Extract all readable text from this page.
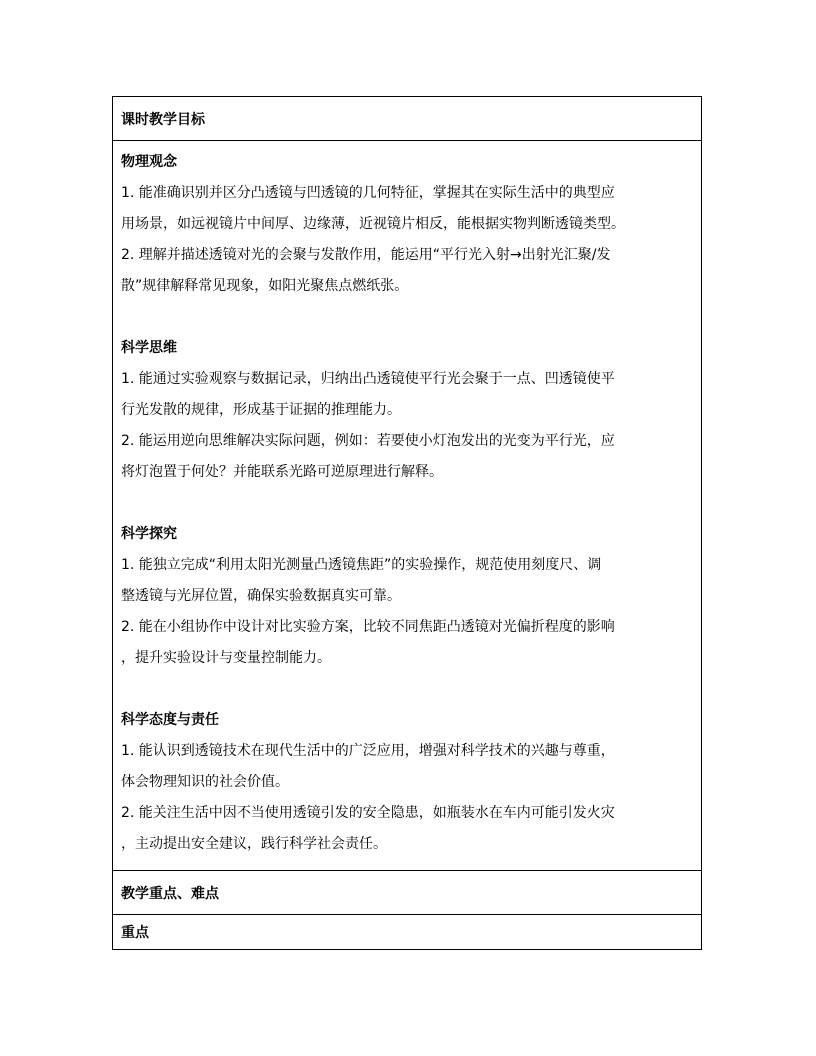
课时教学目标

物理观念

1. 能准确识别并区分凸透镜与凹透镜的几何特征，掌握其在实际生活中的典型应

用场景，如远视镜片中间厚、边缘薄，近视镜片相反，能根据实物判断透镜类型。

2. 理解并描述透镜对光的会聚与发散作用，能运用“平行光入射→出射光汇聚/发

散”规律解释常见现象，如阳光聚焦点燃纸张。

科学思维

1. 能通过实验观察与数据记录，归纳出凸透镜使平行光会聚于一点、凹透镜使平

行光发散的规律，形成基于证据的推理能力。

2. 能运用逆向思维解决实际问题，例如：若要使小灯泡发出的光变为平行光，应

将灯泡置于何处？并能联系光路可逆原理进行解释。

科学探究

1. 能独立完成“利用太阳光测量凸透镜焦距”的实验操作，规范使用刻度尺、调

整透镜与光屏位置，确保实验数据真实可靠。

2. 能在小组协作中设计对比实验方案，比较不同焦距凸透镜对光偏折程度的影响

，提升实验设计与变量控制能力。

科学态度与责任

1. 能认识到透镜技术在现代生活中的广泛应用，增强对科学技术的兴趣与尊重，

体会物理知识的社会价值。

2. 能关注生活中因不当使用透镜引发的安全隐患，如瓶装水在车内可能引发火灾

，主动提出安全建议，践行科学社会责任。

教学重点、难点
重点
